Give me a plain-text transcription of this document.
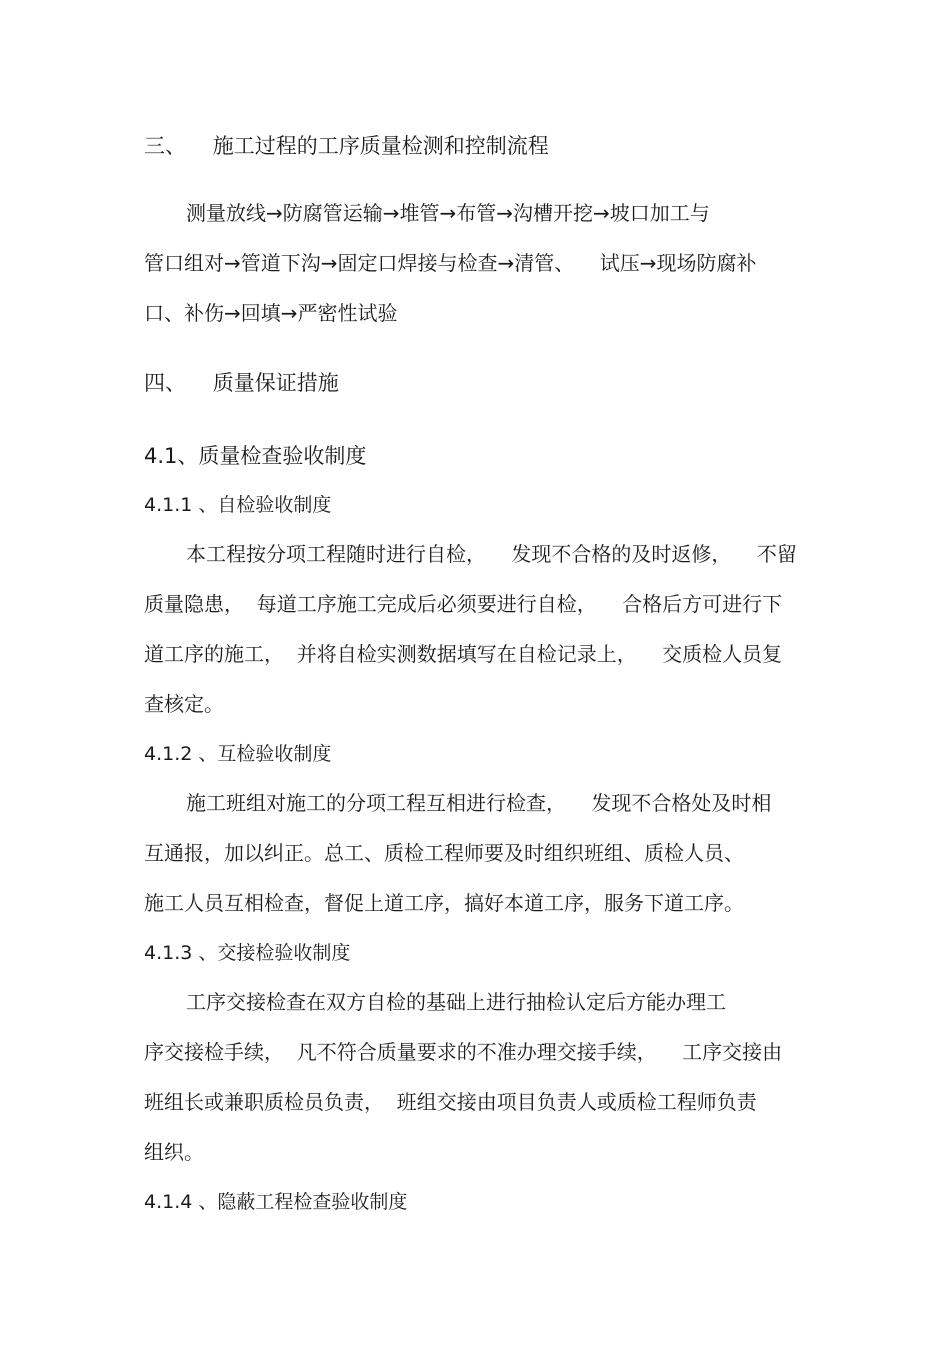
三、    施工过程的工序质量检测和控制流程
测量放线→防腐管运输→堆管→布管→沟槽开挖→坡口加工与
管口组对→管道下沟→固定口焊接与检查→清管、    试压→现场防腐补
口、补伤→回填→严密性试验
四、    质量保证措施
4.1、质量检查验收制度
4.1.1 、自检验收制度
本工程按分项工程随时进行自检，    发现不合格的及时返修，    不留
质量隐患，  每道工序施工完成后必须要进行自检，    合格后方可进行下
道工序的施工，  并将自检实测数据填写在自检记录上，    交质检人员复
查核定。
4.1.2 、互检验收制度
施工班组对施工的分项工程互相进行检查，    发现不合格处及时相
互通报，加以纠正。总工、质检工程师要及时组织班组、质检人员、
施工人员互相检查，督促上道工序，搞好本道工序，服务下道工序。
4.1.3 、交接检验收制度
工序交接检查在双方自检的基础上进行抽检认定后方能办理工
序交接检手续，  凡不符合质量要求的不准办理交接手续，    工序交接由
班组长或兼职质检员负责，  班组交接由项目负责人或质检工程师负责
组织。
4.1.4 、隐蔽工程检查验收制度
